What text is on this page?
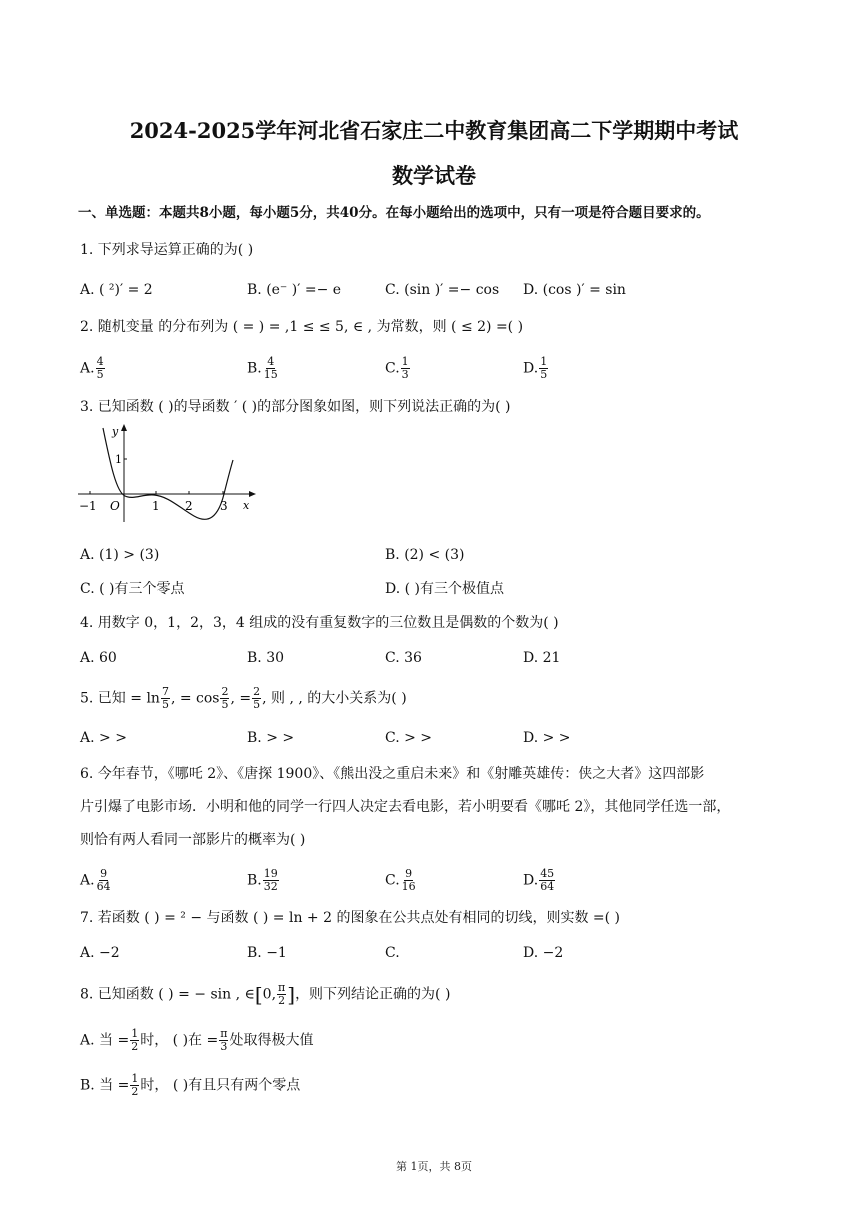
2024-2025学年河北省石家庄二中教育集团高二下学期期中考试
数学试卷
一、单选题：本题共8小题，每小题5分，共40分。在每小题给出的选项中，只有一项是符合题目要求的。
1. 下列求导运算正确的为( )
A. ( ²)′ = 2	B. (e⁻ )′ =− e	C. (sin )′ =− cos D. (cos )′ = sin
2. 随机变量 的分布列为 ( = ) = ,1 ≤ ≤ 5, ∈ , 为常数，则 ( ≤ 2) =( )
A. $\frac{4}{5}$	B. $\frac{4}{15}$	C. $\frac{1}{3}$	D. $\frac{1}{5}$
3. 已知函数 ( )的导函数 ′ ( )的部分图象如图，则下列说法正确的为( )
y
x
O
−1	1 2 3
1
A. (1) > (3)	B. (2) < (3)
C. ( )有三个零点	D. ( )有三个极值点
4. 用数字 0，1，2，3，4 组成的没有重复数字的三位数且是偶数的个数为( )
A. 60	B. 30	C. 36	D. 21
5. 已知 = $\ln \frac{7}{5}$ , = $\cos \frac{2}{5}$ , = $\frac{2}{5}$ , 则 , , 的大小关系为( )
A. > >	B. > >	C. > >	D. > >
6. 今年春节，《哪吒 2》、《唐探 1900》、《熊出没之重启未来》和《射雕英雄传：侠之大者》这四部影
片引爆了电影市场．小明和他的同学一行四人决定去看电影，若小明要看《哪吒 2》，其他同学任选一部，
则恰有两人看同一部影片的概率为( )
A. $\frac{9}{64}$	B. $\frac{19}{32}$	C. $\frac{9}{16}$	D. $\frac{45}{64}$
7. 若函数 ( ) = ² − 与函数 ( ) = ln + 2 的图象在公共点处有相同的切线，则实数 =( )
A. −2	B. −1	C.	D. −2
8. 已知函数 ( ) = − sin , ∈[0, $\frac{\pi}{2}$ ]，则下列结论正确的为( )
A. 当 = $\frac{1}{2}$ 时， ( )在 = $\frac{\pi}{3}$ 处取得极大值
B. 当 = $\frac{1}{2}$ 时， ( )有且只有两个零点
第 1页，共 8页
